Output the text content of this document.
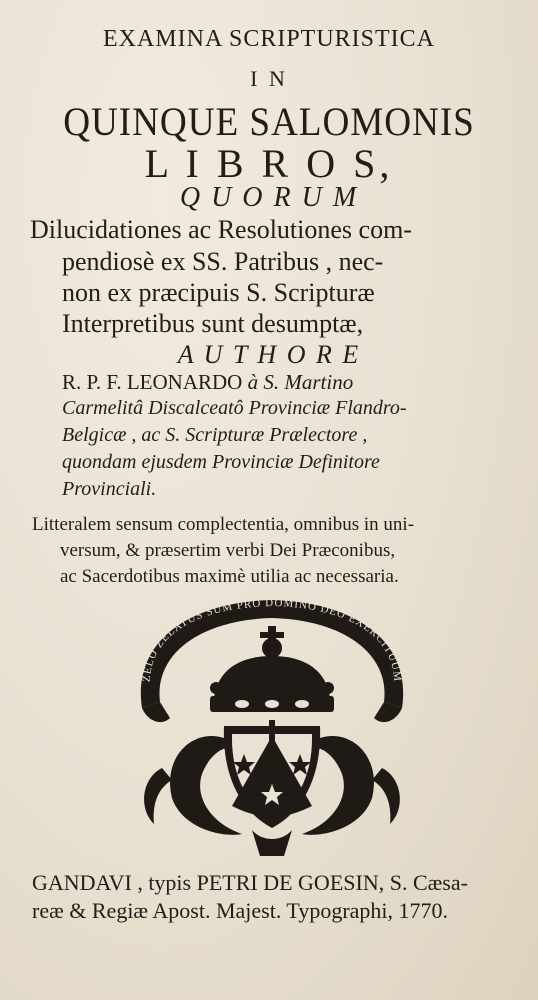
EXAMINA SCRIPTURISTICA
I N
QUINQUE SALOMONIS
L I B R O S,
Q U O R U M
Dilucidationes ac Resolutiones com-
pendiosè ex SS. Patribus , nec-
non ex præcipuis S. Scripturæ
Interpretibus sunt desumptæ,
A U T H O R E
R. P. F. LEONARDO à S. Martino
Carmelitâ Discalceatô Provinciæ Flandro-
Belgicæ , ac S. Scripturæ Prælectore ,
quondam ejusdem Provinciæ Definitore
Provinciali.
Litteralem sensum complectentia, omnibus in uni-
versum, & præsertim verbi Dei Præconibus,
ac Sacerdotibus maximè utilia ac necessaria.
ZELO ZELATUS SUM PRO DOMINO DEO EXERCITUUM
GANDAVI , typis PETRI DE GOESIN, S. Cæsa-
reæ & Regiæ Apost. Majest. Typographi, 1770.
